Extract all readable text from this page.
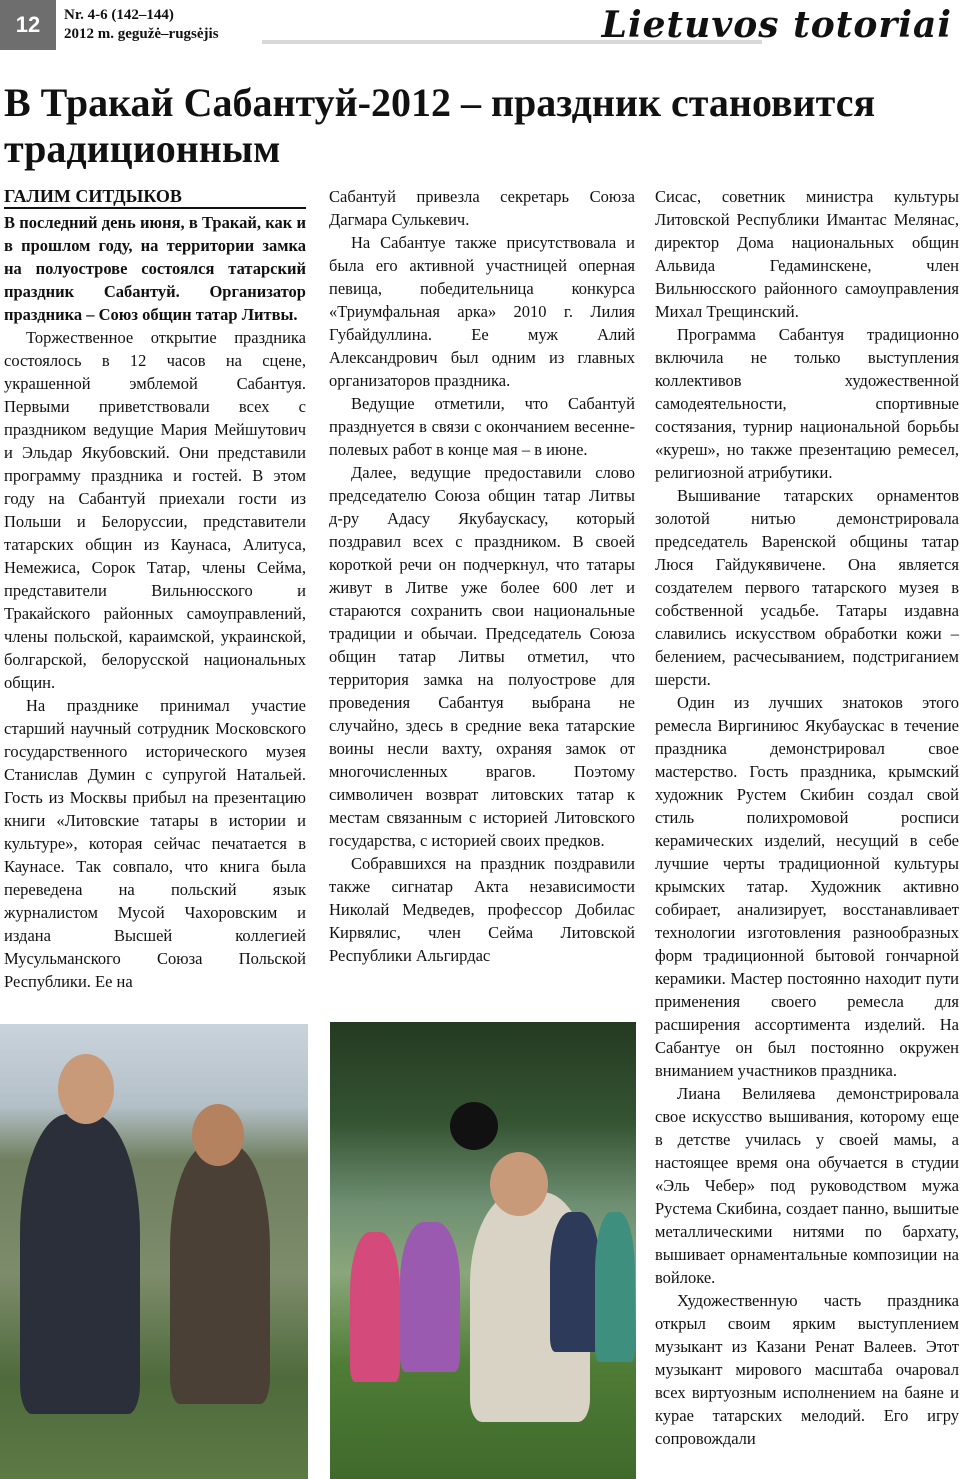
12	Nr. 4-6 (142–144)
2012 m. gegužė–rugsėjis	Lietuvos totoriai
В Тракай Сабантуй-2012 – праздник становится традиционным
ГАЛИМ СИТДЫКОВ

В последний день июня, в Тракай, как и в прошлом году, на территории замка на полуострове состоялся татарский праздник Сабантуй. Организатор праздника – Союз общин татар Литвы.

Торжественное открытие праздника состоялось в 12 часов на сцене, украшенной эмблемой Сабантуя. Первыми приветствовали всех с праздником ведущие Мария Мейшутович и Эльдар Якубовский. Они представили программу праздника и гостей. В этом году на Сабантуй приехали гости из Польши и Белоруссии, представители татарских общин из Каунаса, Алитуса, Немежиса, Сорок Татар, члены Сейма, представители Вильнюсского и Тракайского районных самоуправлений, члены польской, караимской, украинской, болгарской, белорусской национальных общин.

На празднике принимал участие старший научный сотрудник Московского государственного исторического музея Станислав Думин с супругой Натальей. Гость из Москвы прибыл на презентацию книги «Литовские татары в истории и культуре», которая сейчас печатается в Каунасе. Так совпало, что книга была переведена на польский язык журналистом Мусой Чахоровским и издана Высшей коллегией Мусульманского Союза Польской Республики. Ее на

Сабантуй привезла секретарь Союза Дагмара Сулькевич.

На Сабантуе также присутствовала и была его активной участницей оперная певица, победительница конкурса «Триумфальная арка» 2010 г. Лилия Губайдуллина. Ее муж Алий Александрович был одним из главных организаторов праздника.

Ведущие отметили, что Сабантуй празднуется в связи с окончанием весенне-полевых работ в конце мая – в июне.

Далее, ведущие предоставили слово председателю Союза общин татар Литвы д-ру Адасу Якубаускасу, который поздравил всех с праздником. В своей короткой речи он подчеркнул, что татары живут в Литве уже более 600 лет и стараются сохранить свои национальные традиции и обычаи. Председатель Союза общин татар Литвы отметил, что территория замка на полуострове для проведения Сабантуя выбрана не случайно, здесь в средние века татарские воины несли вахту, охраняя замок от многочисленных врагов. Поэтому символичен возврат литовских татар к местам связанным с историей Литовского государства, с историей своих предков.

Собравшихся на праздник поздравили также сигнатар Акта независимости Николай Медведев, профессор Добилас Кирвялис, член Сейма Литовской Республики Альгирдас

Сисас, советник министра культуры Литовской Республики Имантас Мелянас, директор Дома национальных общин Альвида Гедаминскене, член Вильнюсского районного самоуправления Михал Трещинский.

Программа Сабантуя традиционно включила не только выступления коллективов художественной самодеятельности, спортивные состязания, турнир национальной борьбы «куреш», но также презентацию ремесел, религиозной атрибутики.

Вышивание татарских орнаментов золотой нитью демонстрировала председатель Варенской общины татар Люся Гайдукявичене. Она является создателем первого татарского музея в собственной усадьбе. Татары издавна славились искусством обработки кожи – белением, расчесыванием, подстриганием шерсти.

Один из лучших знатоков этого ремесла Виргиниюс Якубаускас в течение праздника демонстрировал свое мастерство. Гость праздника, крымский художник Рустем Скибин создал свой стиль полихромовой росписи керамических изделий, несущий в себе лучшие черты традиционной культуры крымских татар. Художник активно собирает, анализирует, восстанавливает технологии изготовления разнообразных форм традиционной бытовой гончарной керамики. Мастер постоянно находит пути применения своего ремесла для расширения ассортимента изделий. На Сабантуе он был постоянно окружен вниманием участников праздника.

Лиана Велиляева демонстрировала свое искусство вышивания, которому еще в детстве училась у своей мамы, а настоящее время она обучается в студии «Эль Чебер» под руководством мужа Рустема Скибина, создает панно, вышитые металлическими нитями по бархату, вышивает орнаментальные композиции на войлоке.

Художественную часть праздника открыл своим ярким выступлением музыкант из Казани Ренат Валеев. Этот музыкант мирового масштаба очаровал всех виртуозным исполнением на баяне и курае татарских мелодий. Его игру сопровождали
